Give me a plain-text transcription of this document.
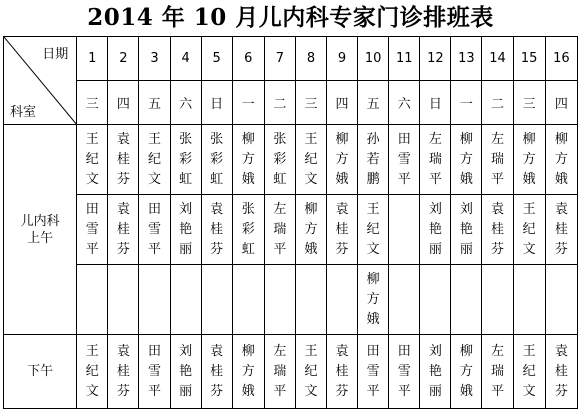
2014 年 10 月儿内科专家门诊排班表
日期
科室	1	2	3	4	5	6	7	8	9	10	11	12	13	14	15	16
	三	四	五	六	日	一	二	三	四	五	六	日	一	二	三	四
儿内科
上午	王纪文	袁桂芬	王纪文	张彩虹	张彩虹	柳方娥	张彩虹	王纪文	柳方娥	孙若鹏	田雪平	左瑞平	柳方娥	左瑞平	柳方娥	柳方娥

	田雪平	袁桂芬	田雪平	刘艳丽	袁桂芬	张彩虹	左瑞平	柳方娥	袁桂芬	王纪文		刘艳丽	刘艳丽	袁桂芬	王纪文	袁桂芬

										柳方娥						

下午	王纪文	袁桂芬	田雪平	刘艳丽	袁桂芬	柳方娥	左瑞平	王纪文	袁桂芬	田雪平	田雪平	刘艳丽	柳方娥	左瑞平	王纪文	袁桂芬
